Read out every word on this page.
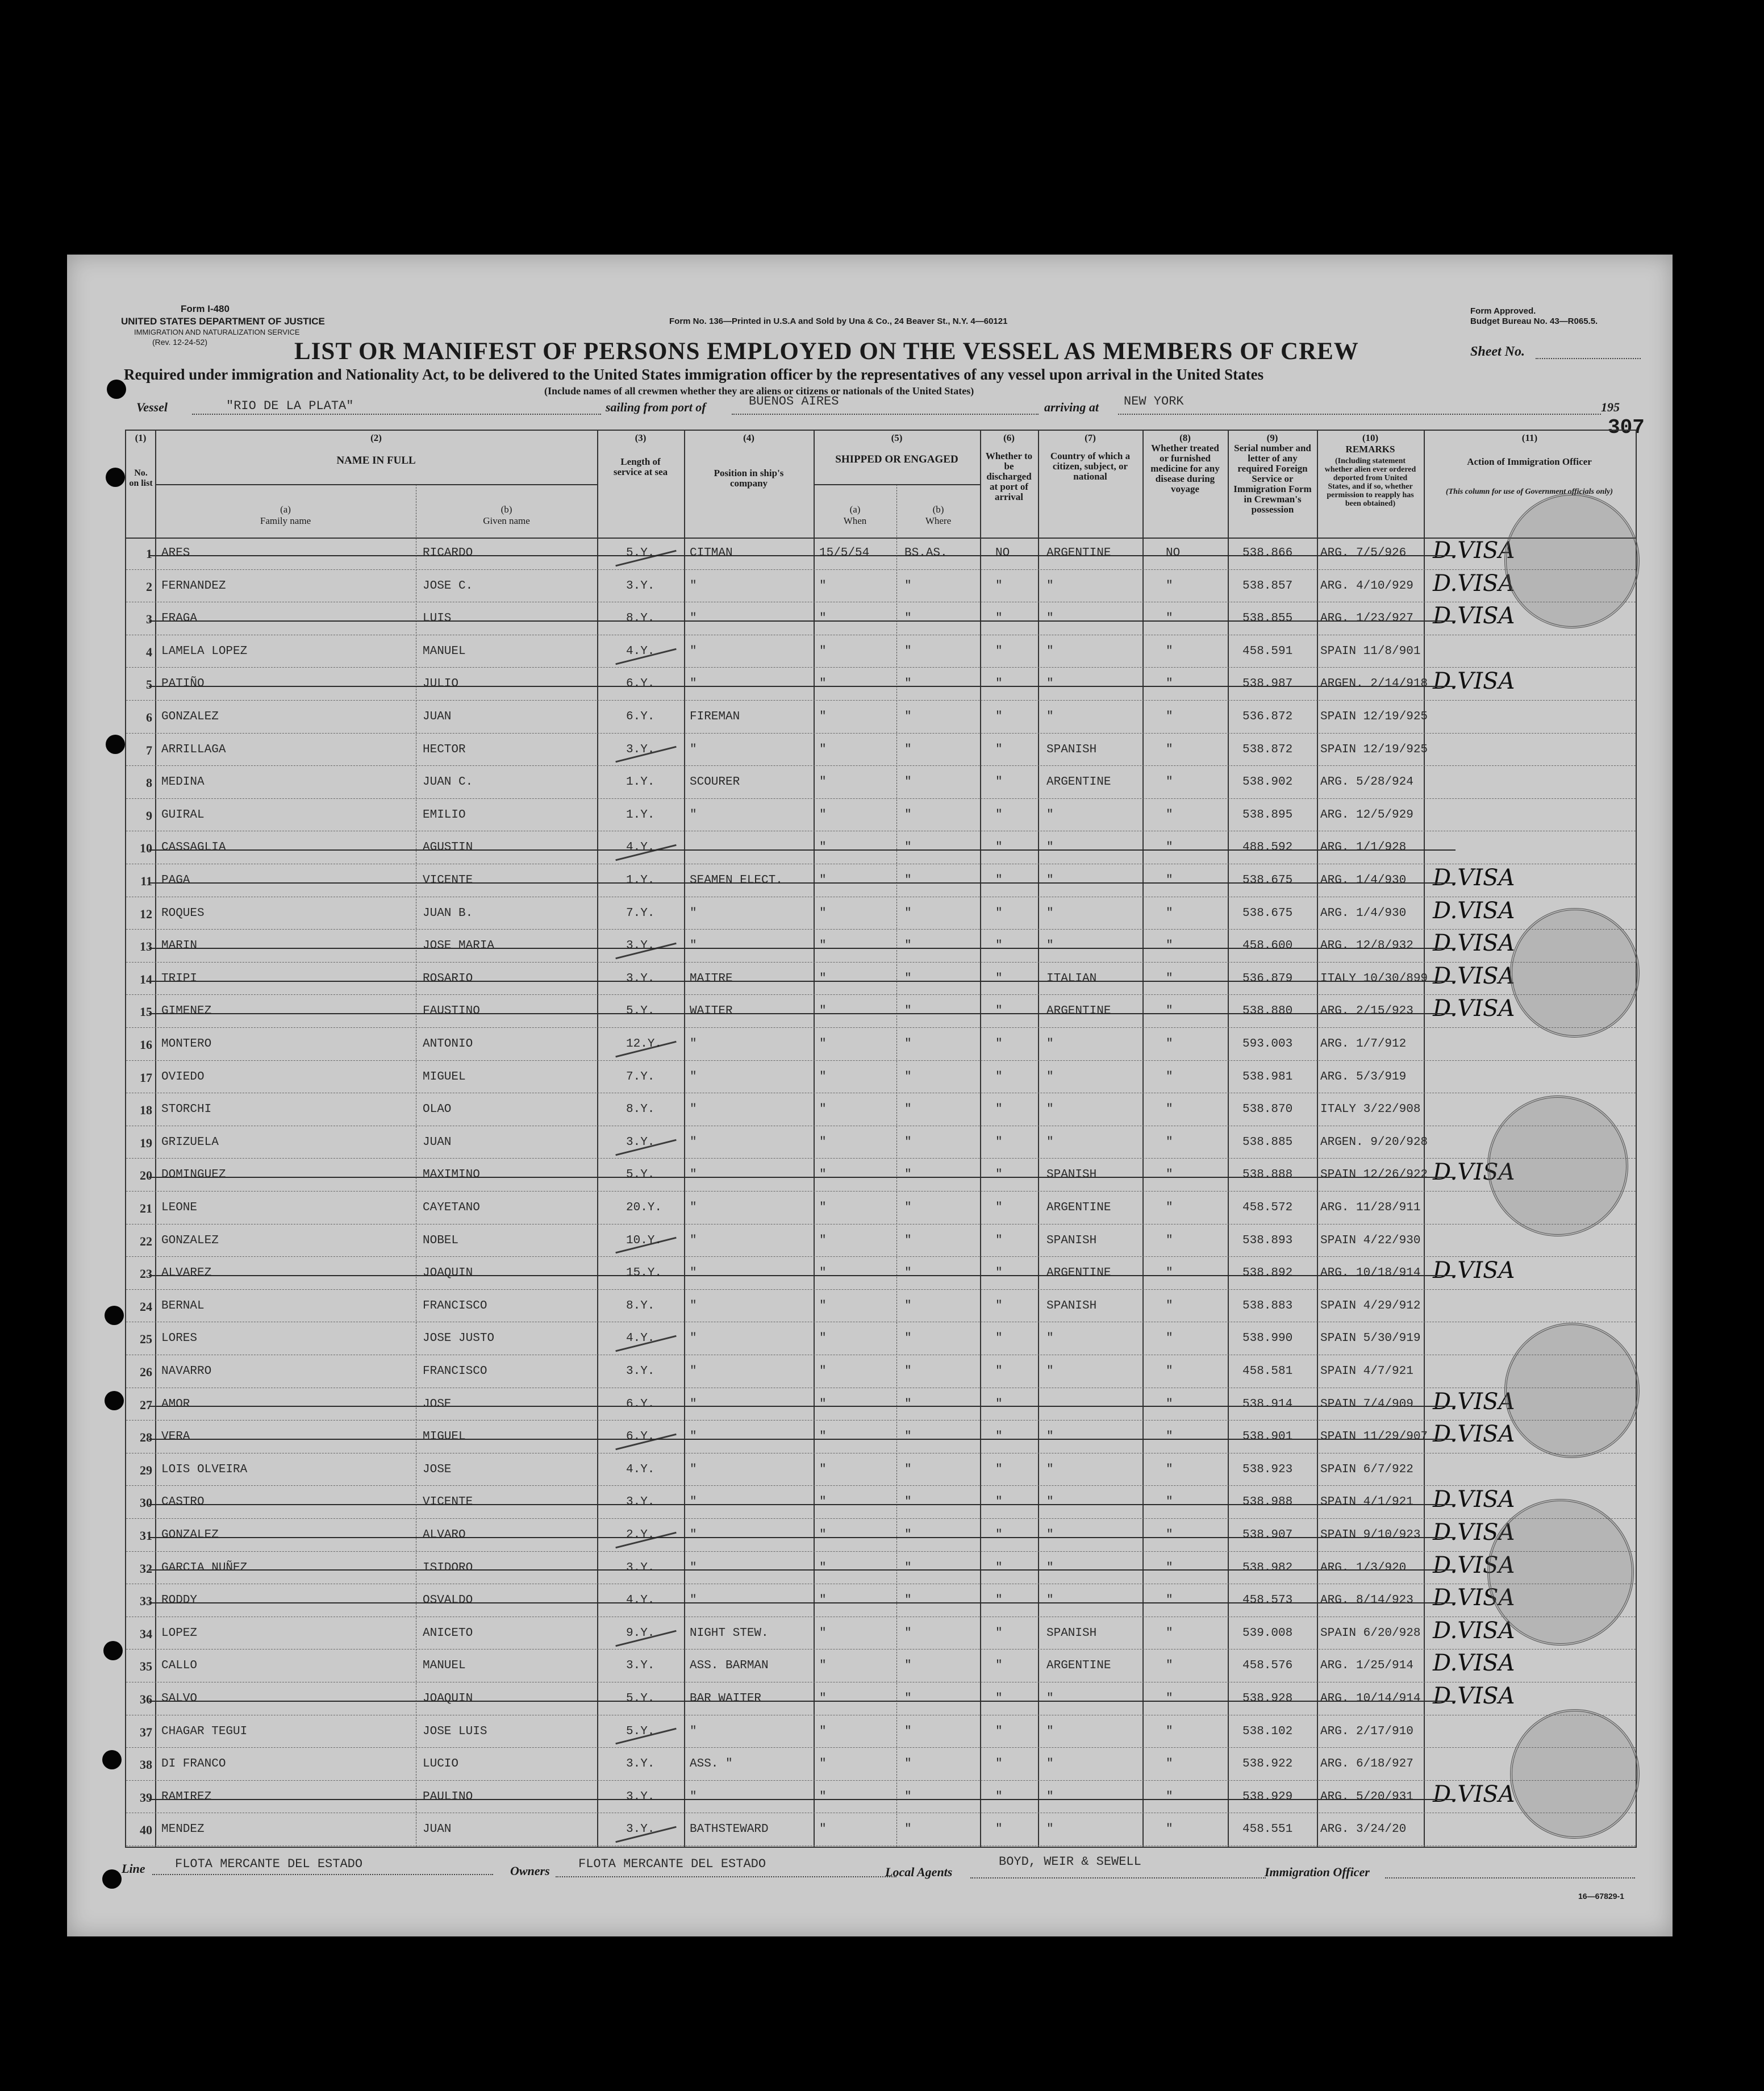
Form I-480
UNITED STATES DEPARTMENT OF JUSTICE
IMMIGRATION AND NATURALIZATION SERVICE
(Rev. 12-24-52)
Form No. 136—Printed in U.S.A and Sold by Una & Co., 24 Beaver St., N.Y. 4—60121
Form Approved.
Budget Bureau No. 43—R065.5.
LIST OR MANIFEST OF PERSONS EMPLOYED ON THE VESSEL AS MEMBERS OF CREW	Sheet No.
Required under immigration and Nationality Act, to be delivered to the United States immigration officer by the representatives of any vessel upon arrival in the United States
(Include names of all crewmen whether they are aliens or citizens or nationals of the United States)
Vessel	"RIO DE LA PLATA"	sailing from port of	BUENOS AIRES	arriving at NEW YORK	195
307
(1)
No. on list
(2)
NAME IN FULL
(a)
Family name
(b)
Given name
(3)
Length of service at sea
(4)
Position in ship's company
(5)
SHIPPED OR ENGAGED
(a)
When
(b)
Where
(6)
Whether to be discharged at port of arrival
(7)
Country of which a citizen, subject, or national
(8)
Whether treated or furnished medicine for any disease during voyage
(9)
Serial number and letter of any required Foreign Service or Immigration Form in Crewman's possession
(10)
REMARKS
(Including statement whether alien ever ordered deported from United States, and if so, whether permission to reapply has been obtained)
(11)
Action of Immigration Officer
(This column for use of Government officials only)
1 ARES	RICARDO	5.Y.	CITMAN	15/5/54	BS.AS.	NO	ARGENTINE	NO	538.866 ARG. 7/5/926 D.VISA
2 FERNANDEZ	JOSE C.	3.Y.	"	"	"	"	"	"	538.857 ARG. 4/10/929 D.VISA
3 FRAGA	LUIS	8.Y.	"	"	"	"	"	"	538.855 ARG. 1/23/927 D.VISA
4 LAMELA LOPEZ	MANUEL	4.Y.	"	"	"	"	"	"	458.591 SPAIN 11/8/901
5 PATIÑO	JULIO	6.Y.	"	"	"	"	"	"	538.987 ARGEN. 2/14/918 D.VISA
6 GONZALEZ	JUAN	6.Y.	FIREMAN	"	"	"	"	"	536.872 SPAIN 12/19/925
7 ARRILLAGA	HECTOR	3.Y.	"	"	"	"	SPANISH	"	538.872 SPAIN 12/19/925
8 MEDINA	JUAN C.	1.Y.	SCOURER	"	"	"	ARGENTINE	"	538.902 ARG. 5/28/924
9 GUIRAL	EMILIO	1.Y.	"	"	"	"	"	"	538.895 ARG. 12/5/929
10 CASSAGLIA	AGUSTIN	4.Y.	"	"	"	"	"	488.592 ARG. 1/1/928
11 PAGA	VICENTE	1.Y.	SEAMEN ELECT.	"	"	"	"	"	538.675 ARG. 1/4/930 D.VISA
12 ROQUES	JUAN B.	7.Y.	"	"	"	"	"	"	538.675 ARG. 1/4/930 D.VISA
13 MARIN	JOSE MARIA	3.Y.	"	"	"	"	"	"	458.600 ARG. 12/8/932 D.VISA
14 TRIPI	ROSARIO	3.Y.	MAITRE	"	"	"	ITALIAN	"	536.879 ITALY 10/30/899 D.VISA
15 GIMENEZ	FAUSTINO	5.Y.	WAITER	"	"	"	ARGENTINE	"	538.880 ARG. 2/15/923 D.VISA
16 MONTERO	ANTONIO	12.Y. "	"	"	"	"	"	593.003 ARG. 1/7/912
17 OVIEDO	MIGUEL	7.Y.	"	"	"	"	"	"	538.981 ARG. 5/3/919
18 STORCHI	OLAO	8.Y.	"	"	"	"	"	"	538.870 ITALY 3/22/908
19 GRIZUELA	JUAN	3.Y.	"	"	"	"	"	"	538.885 ARGEN. 9/20/928
20 DOMINGUEZ	MAXIMINO	5.Y.	"	"	"	"	SPANISH	"	538.888 SPAIN 12/26/922 D.VISA
21 LEONE	CAYETANO	20.Y. "	"	"	"	ARGENTINE	"	458.572 ARG. 11/28/911
22 GONZALEZ	NOBEL	10.Y. "	"	"	"	SPANISH	"	538.893 SPAIN 4/22/930
23 ALVAREZ	JOAQUIN	15.Y. "	"	"	"	ARGENTINE	"	538.892 ARG. 10/18/914 D.VISA
24 BERNAL	FRANCISCO	8.Y.	"	"	"	"	SPANISH	"	538.883 SPAIN 4/29/912
25 LORES	JOSE JUSTO	4.Y.	"	"	"	"	"	"	538.990 SPAIN 5/30/919
26 NAVARRO	FRANCISCO	3.Y.	"	"	"	"	"	"	458.581 SPAIN 4/7/921
27 AMOR	JOSE	6.Y.	"	"	"	"	"	538.914 SPAIN 7/4/909 D.VISA
28 VERA	MIGUEL	6.Y.	"	"	"	"	"	"	538.901 SPAIN 11/29/907 D.VISA
29 LOIS OLVEIRA	JOSE	4.Y.	"	"	"	"	"	"	538.923 SPAIN 6/7/922
30 CASTRO	VICENTE	3.Y.	"	"	"	"	"	"	538.988 SPAIN 4/1/921 D.VISA
31 GONZALEZ	ALVARO	2.Y.	"	"	"	"	"	"	538.907 SPAIN 9/10/923 D.VISA
32 GARCIA NUÑEZ	ISIDORO	3.Y.	"	"	"	"	"	"	538.982 ARG. 1/3/920 D.VISA
33 RODDY	OSVALDO	4.Y.	"	"	"	"	"	"	458.573 ARG. 8/14/923 D.VISA
34 LOPEZ	ANICETO	9.Y.	NIGHT STEW.	"	"	"	SPANISH	"	539.008 SPAIN 6/20/928 D.VISA
35 CALLO	MANUEL	3.Y.	ASS. BARMAN	"	"	"	ARGENTINE	"	458.576 ARG. 1/25/914 D.VISA
36 SALVO	JOAQUIN	5.Y.	BAR WAITER	"	"	"	"	"	538.928 ARG. 10/14/914 D.VISA
37 CHAGAR TEGUI	JOSE LUIS	5.Y.	"	"	"	"	"	"	538.102 ARG. 2/17/910
38 DI FRANCO	LUCIO	3.Y.	ASS. "	"	"	"	"	"	538.922 ARG. 6/18/927
39 RAMIREZ	PAULINO	3.Y.	"	"	"	"	"	"	538.929 ARG. 5/20/931 D.VISA
40 MENDEZ	JUAN	3.Y.	BATHSTEWARD	"	"	"	"	"	458.551 ARG. 3/24/20
Line FLOTA MERCANTE DEL ESTADO	Owners FLOTA MERCANTE DEL ESTADO
Local Agents
BOYD, WEIR & SEWELL
Immigration Officer
16—67829-1
